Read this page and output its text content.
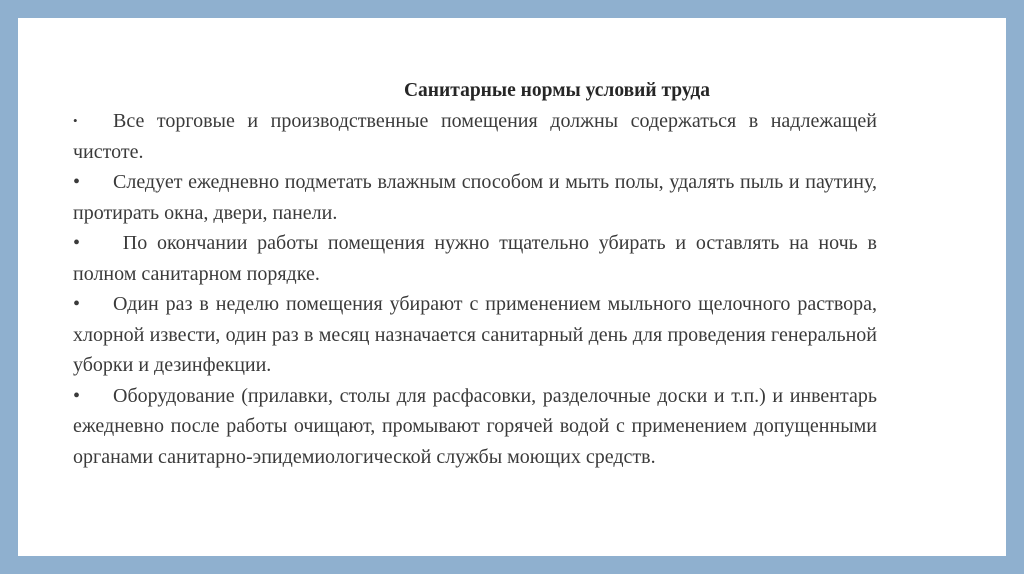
Санитарные нормы условий труда
• Все торговые и производственные помещения должны содержаться в надлежащей чистоте.
• Следует ежедневно подметать влажным способом и мыть полы, удалять пыль и паутину, протирать окна, двери, панели.
• По окончании работы помещения нужно тщательно убирать и оставлять на ночь в полном санитарном порядке.
• Один раз в неделю помещения убирают с применением мыльного щелочного раствора, хлорной извести, один раз в месяц назначается санитарный день для проведения генеральной уборки и дезинфекции.
• Оборудование (прилавки, столы для расфасовки, разделочные доски и т.п.) и инвентарь ежедневно после работы очищают, промывают горячей водой с применением допущенными органами санитарно-эпидемиологической службы моющих средств.
